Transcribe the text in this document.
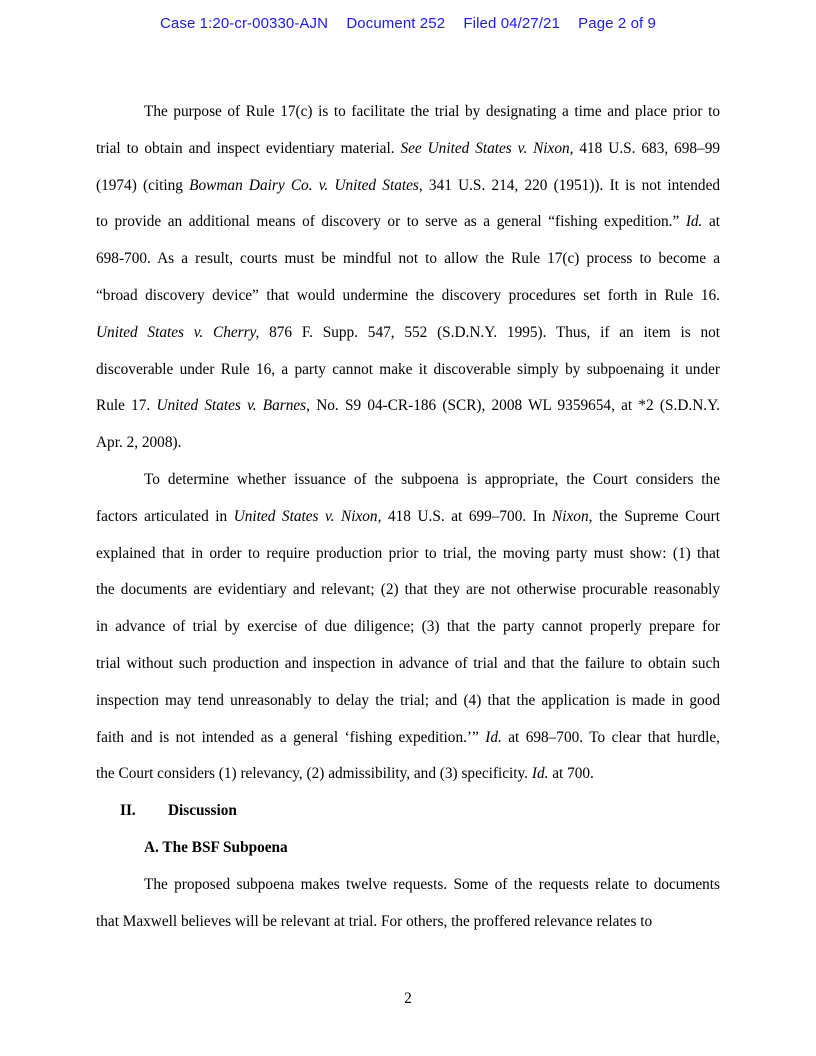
Case 1:20-cr-00330-AJN Document 252 Filed 04/27/21 Page 2 of 9

The purpose of Rule 17(c) is to facilitate the trial by designating a time and place prior to
trial to obtain and inspect evidentiary material. See United States v. Nixon, 418 U.S. 683, 698–99
(1974) (citing Bowman Dairy Co. v. United States, 341 U.S. 214, 220 (1951)). It is not intended
to provide an additional means of discovery or to serve as a general “fishing expedition.” Id. at
698-700. As a result, courts must be mindful not to allow the Rule 17(c) process to become a
“broad discovery device” that would undermine the discovery procedures set forth in Rule 16.
United States v. Cherry, 876 F. Supp. 547, 552 (S.D.N.Y. 1995). Thus, if an item is not
discoverable under Rule 16, a party cannot make it discoverable simply by subpoenaing it under
Rule 17. United States v. Barnes, No. S9 04-CR-186 (SCR), 2008 WL 9359654, at *2 (S.D.N.Y.
Apr. 2, 2008).

To determine whether issuance of the subpoena is appropriate, the Court considers the
factors articulated in United States v. Nixon, 418 U.S. at 699–700. In Nixon, the Supreme Court
explained that in order to require production prior to trial, the moving party must show: (1) that
the documents are evidentiary and relevant; (2) that they are not otherwise procurable reasonably
in advance of trial by exercise of due diligence; (3) that the party cannot properly prepare for
trial without such production and inspection in advance of trial and that the failure to obtain such
inspection may tend unreasonably to delay the trial; and (4) that the application is made in good
faith and is not intended as a general ‘fishing expedition.’” Id. at 698–700. To clear that hurdle,
the Court considers (1) relevancy, (2) admissibility, and (3) specificity. Id. at 700.

II. Discussion

A. The BSF Subpoena

The proposed subpoena makes twelve requests. Some of the requests relate to documents
that Maxwell believes will be relevant at trial. For others, the proffered relevance relates to

2
